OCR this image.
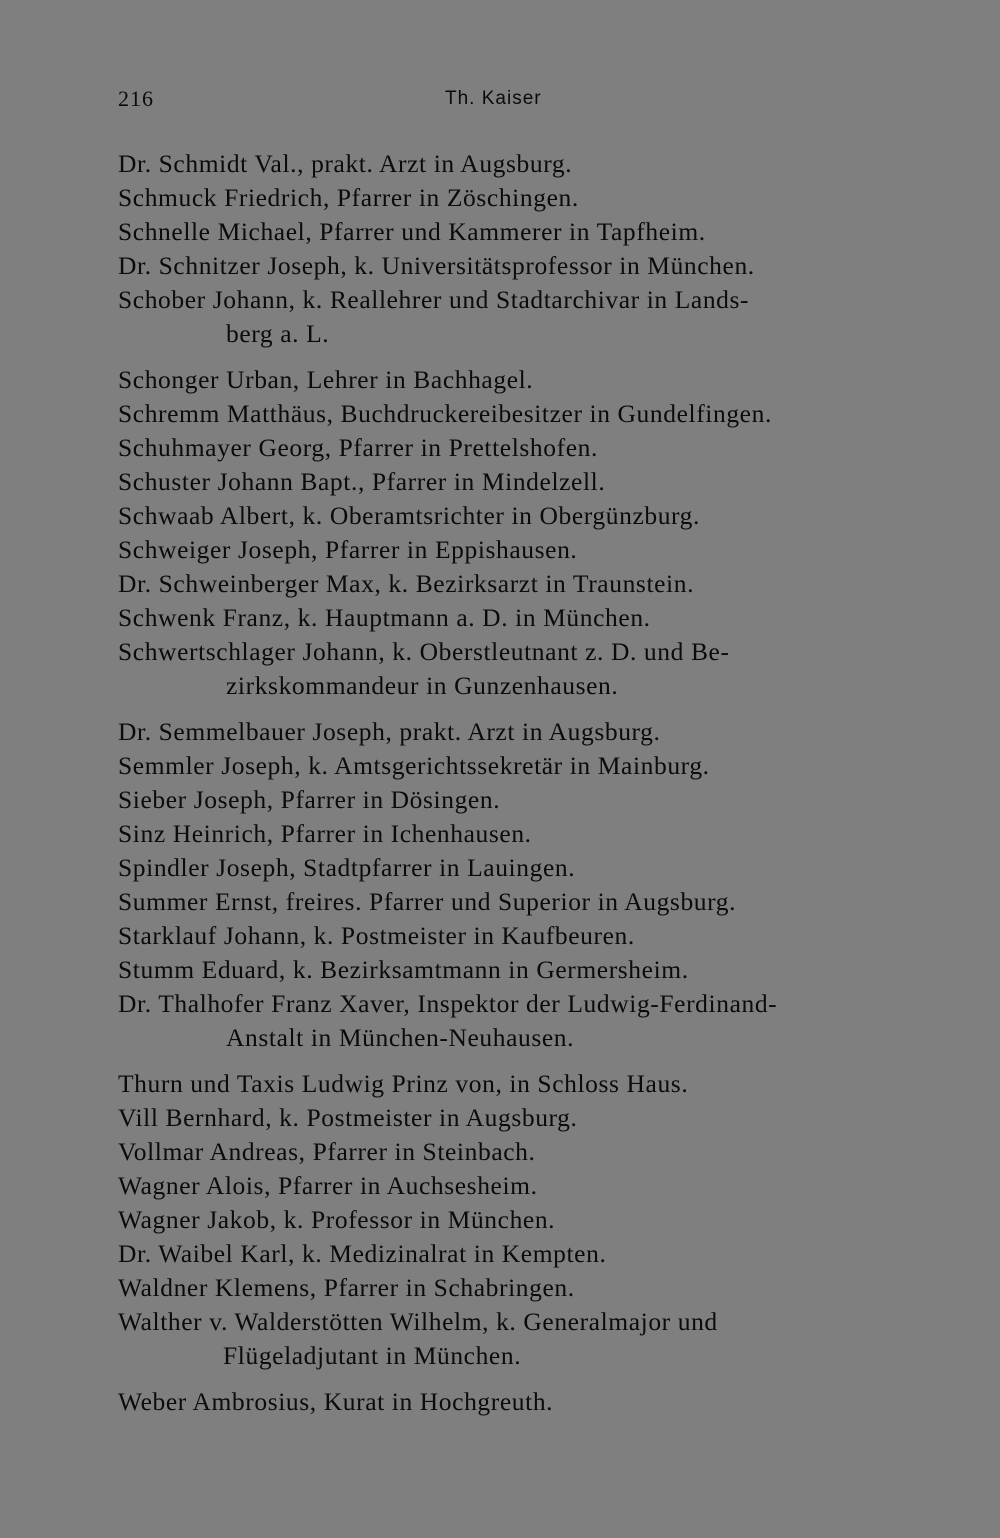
216	Th. Kaiser
Dr. Schmidt Val., prakt. Arzt in Augsburg.
Schmuck Friedrich, Pfarrer in Zöschingen.
Schnelle Michael, Pfarrer und Kammerer in Tapfheim.
Dr. Schnitzer Joseph, k. Universitätsprofessor in München.
Schober Johann, k. Reallehrer und Stadtarchivar in Lands-
berg a. L.
Schonger Urban, Lehrer in Bachhagel.
Schremm Matthäus, Buchdruckereibesitzer in Gundelfingen.
Schuhmayer Georg, Pfarrer in Prettelshofen.
Schuster Johann Bapt., Pfarrer in Mindelzell.
Schwaab Albert, k. Oberamtsrichter in Obergünzburg.
Schweiger Joseph, Pfarrer in Eppishausen.
Dr. Schweinberger Max, k. Bezirksarzt in Traunstein.
Schwenk Franz, k. Hauptmann a. D. in München.
Schwertschlager Johann, k. Oberstleutnant z. D. und Be-
zirkskommandeur in Gunzenhausen.
Dr. Semmelbauer Joseph, prakt. Arzt in Augsburg.
Semmler Joseph, k. Amtsgerichtssekretär in Mainburg.
Sieber Joseph, Pfarrer in Dösingen.
Sinz Heinrich, Pfarrer in Ichenhausen.
Spindler Joseph, Stadtpfarrer in Lauingen.
Summer Ernst, freires. Pfarrer und Superior in Augsburg.
Starklauf Johann, k. Postmeister in Kaufbeuren.
Stumm Eduard, k. Bezirksamtmann in Germersheim.
Dr. Thalhofer Franz Xaver, Inspektor der Ludwig-Ferdinand-
Anstalt in München-Neuhausen.
Thurn und Taxis Ludwig Prinz von, in Schloss Haus.
Vill Bernhard, k. Postmeister in Augsburg.
Vollmar Andreas, Pfarrer in Steinbach.
Wagner Alois, Pfarrer in Auchsesheim.
Wagner Jakob, k. Professor in München.
Dr. Waibel Karl, k. Medizinalrat in Kempten.
Waldner Klemens, Pfarrer in Schabringen.
Walther v. Walderstötten Wilhelm, k. Generalmajor und
Flügeladjutant in München.
Weber Ambrosius, Kurat in Hochgreuth.
